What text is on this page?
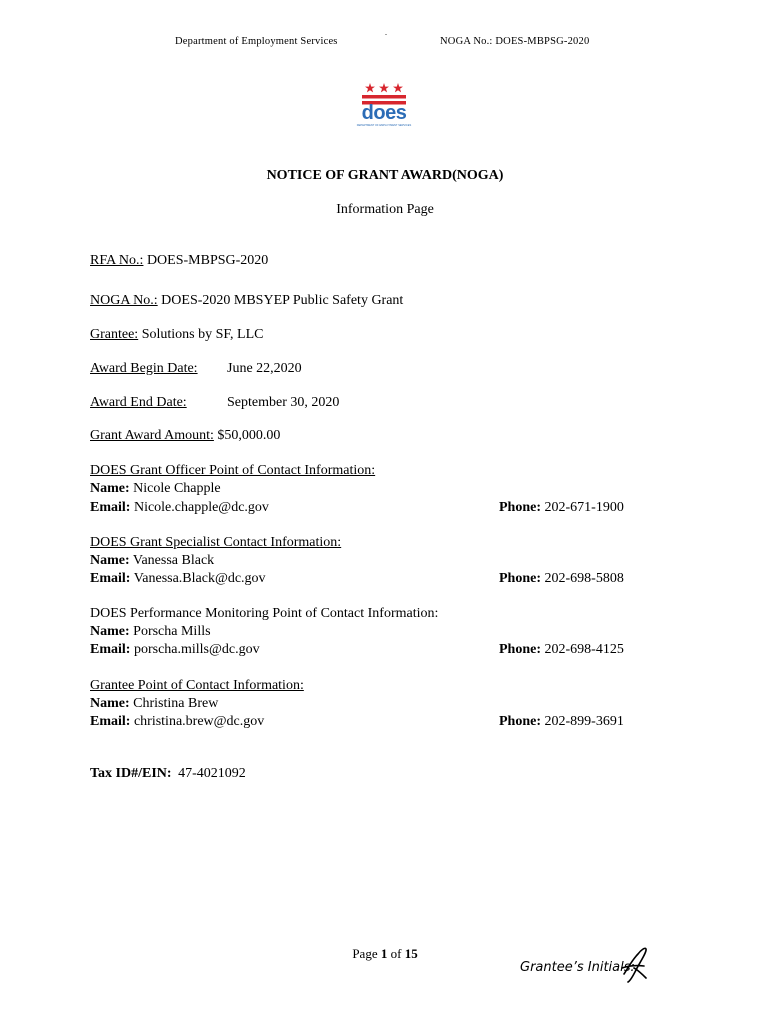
Department of Employment Services
.
NOGA No.: DOES-MBPSG-2020
does
DEPARTMENT OF EMPLOYMENT SERVICES
NOTICE OF GRANT AWARD(NOGA)
Information Page
RFA No.: DOES-MBPSG-2020
NOGA No.: DOES-2020 MBSYEP Public Safety Grant
Grantee: Solutions by SF, LLC
Award Begin Date: June 22,2020
Award End Date:	September 30, 2020
Grant Award Amount: $50,000.00
DOES Grant Officer Point of Contact Information:
Name: Nicole Chapple
Email: Nicole.chapple@dc.gov	Phone: 202-671-1900
DOES Grant Specialist Contact Information:
Name: Vanessa Black
Email: Vanessa.Black@dc.gov	Phone: 202-698-5808
DOES Performance Monitoring Point of Contact Information:
Name: Porscha Mills
Email: porscha.mills@dc.gov	Phone: 202-698-4125
Grantee Point of Contact Information:
Name: Christina Brew
Email: christina.brew@dc.gov	Phone: 202-899-3691
Tax ID#/EIN: 47-4021092
Page 1 of 15
Grantee’s Initials:
